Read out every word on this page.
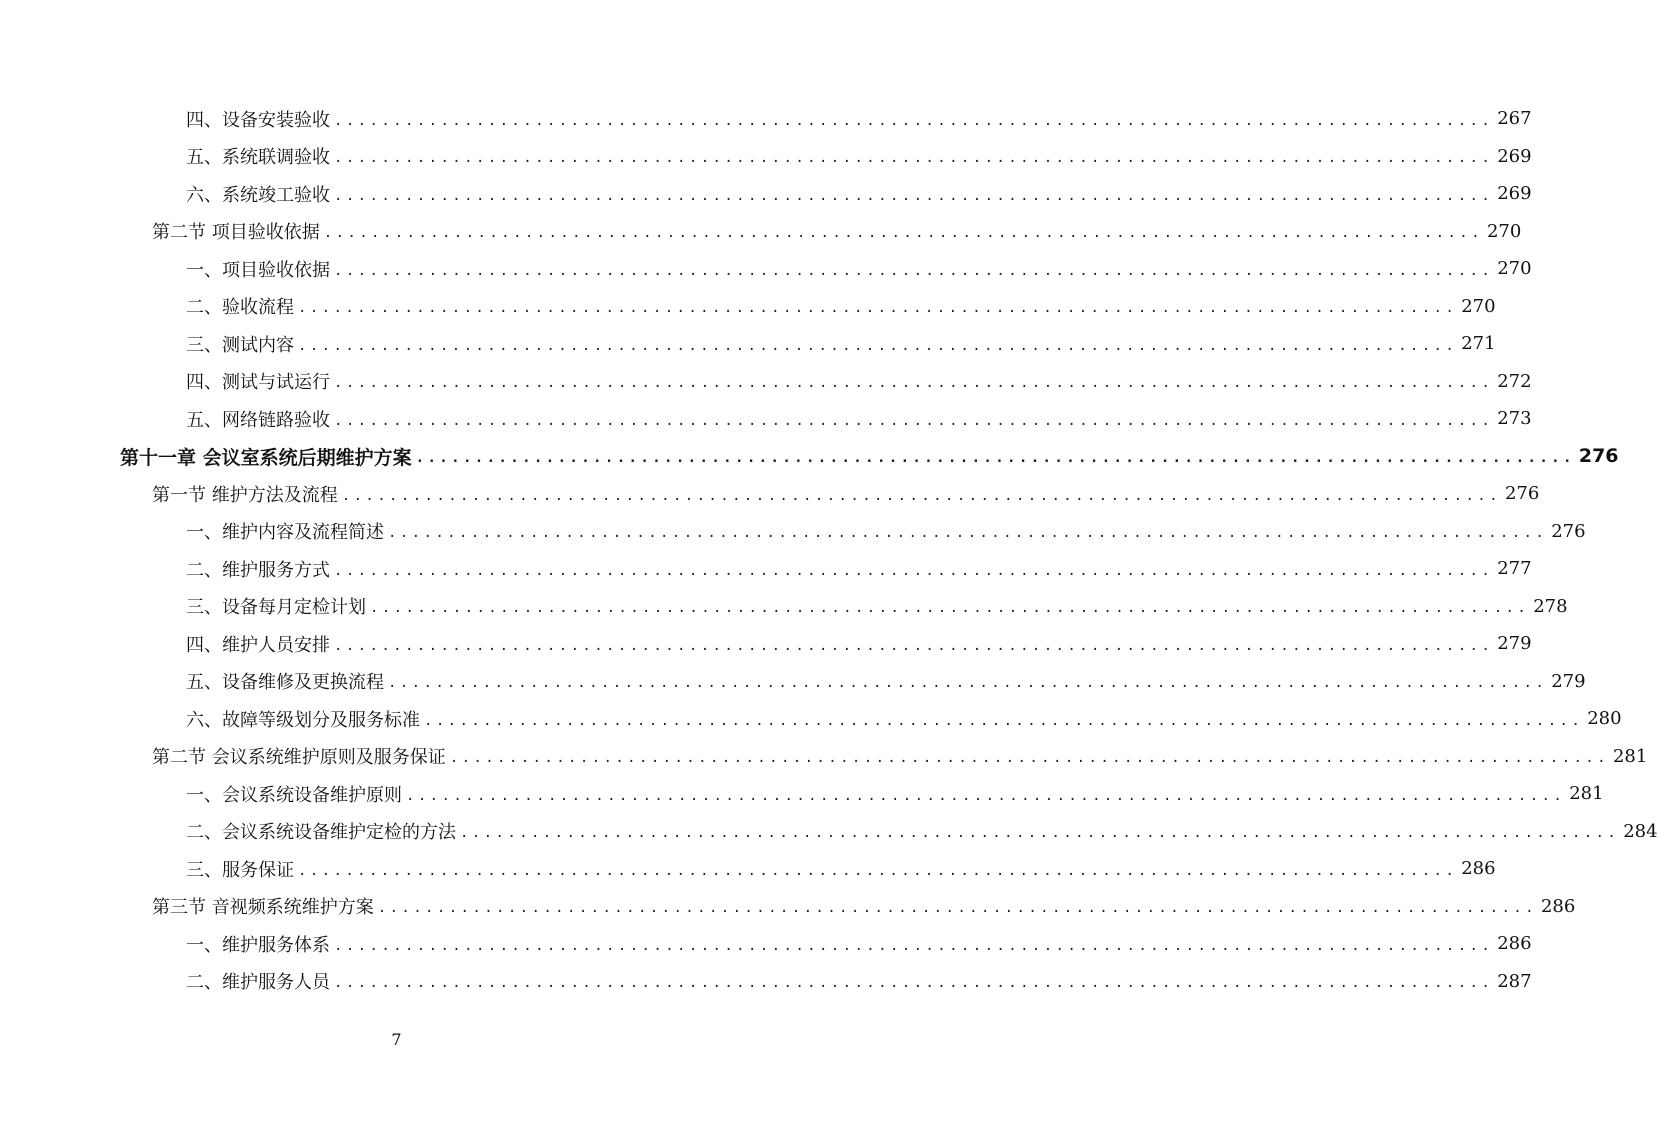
四、设备安装验收 .................................................................................................. 267
五、系统联调验收 .................................................................................................. 269
六、系统竣工验收 .................................................................................................. 269
第二节 项目验收依据 .................................................................................................. 270
一、项目验收依据 .................................................................................................. 270
二、验收流程 .................................................................................................. 270
三、测试内容 .................................................................................................. 271
四、测试与试运行 .................................................................................................. 272
五、网络链路验收 .................................................................................................. 273
第十一章 会议室系统后期维护方案 .................................................................................................. 276
第一节 维护方法及流程 .................................................................................................. 276
一、维护内容及流程简述 .................................................................................................. 276
二、维护服务方式 .................................................................................................. 277
三、设备每月定检计划 .................................................................................................. 278
四、维护人员安排 .................................................................................................. 279
五、设备维修及更换流程 .................................................................................................. 279
六、故障等级划分及服务标准 .................................................................................................. 280
第二节 会议系统维护原则及服务保证 .................................................................................................. 281
一、会议系统设备维护原则 .................................................................................................. 281
二、会议系统设备维护定检的方法 .................................................................................................. 284
三、服务保证 .................................................................................................. 286
第三节 音视频系统维护方案 .................................................................................................. 286
一、维护服务体系 .................................................................................................. 286
二、维护服务人员 .................................................................................................. 287
7
